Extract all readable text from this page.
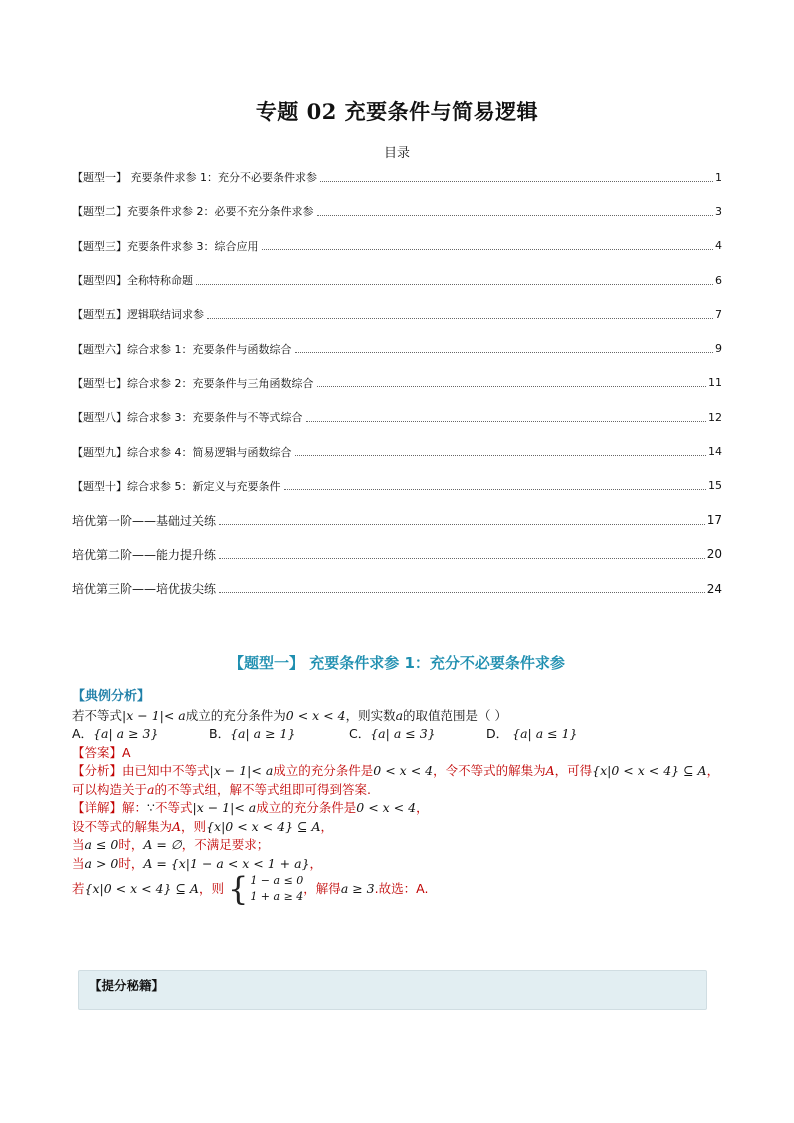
专题 02 充要条件与简易逻辑
目录
【题型一】 充要条件求参 1：充分不必要条件求参	1
【题型二】充要条件求参 2：必要不充分条件求参	3
【题型三】充要条件求参 3：综合应用	4
【题型四】全称特称命题	6
【题型五】逻辑联结词求参	7
【题型六】综合求参 1：充要条件与函数综合	9
【题型七】综合求参 2：充要条件与三角函数综合	11
【题型八】综合求参 3：充要条件与不等式综合	12
【题型九】综合求参 4：简易逻辑与函数综合	14
【题型十】综合求参 5：新定义与充要条件	15
培优第一阶——基础过关练	17
培优第二阶——能力提升练	20
培优第三阶——培优拔尖练	24
【题型一】 充要条件求参 1：充分不必要条件求参
【典例分析】
若不等式|x − 1|< a成立的充分条件为0 < x < 4，则实数a的取值范围是（ ）
A．{a| a ≥ 3}	B．{a| a ≥ 1}	C．{a| a ≤ 3}	D． {a| a ≤ 1}
【答案】A
【分析】由已知中不等式|x − 1|< a成立的充分条件是0 < x < 4，令不等式的解集为A，可得{x|0 < x < 4} ⊆ A，
可以构造关于a的不等式组，解不等式组即可得到答案.
【详解】解：∵不等式|x − 1|< a成立的充分条件是0 < x < 4，
设不等式的解集为A，则{x|0 < x < 4} ⊆ A，
当a ≤ 0时，A = ∅，不满足要求；
当a > 0时，A = {x|1 − a < x < 1 + a}，
若 {x|0 < x < 4} ⊆ A ，则 { 1 − a ≤ 0
1 + a ≥ 4
，解得 a ≥ 3 .故选： A.
【提分秘籍】
